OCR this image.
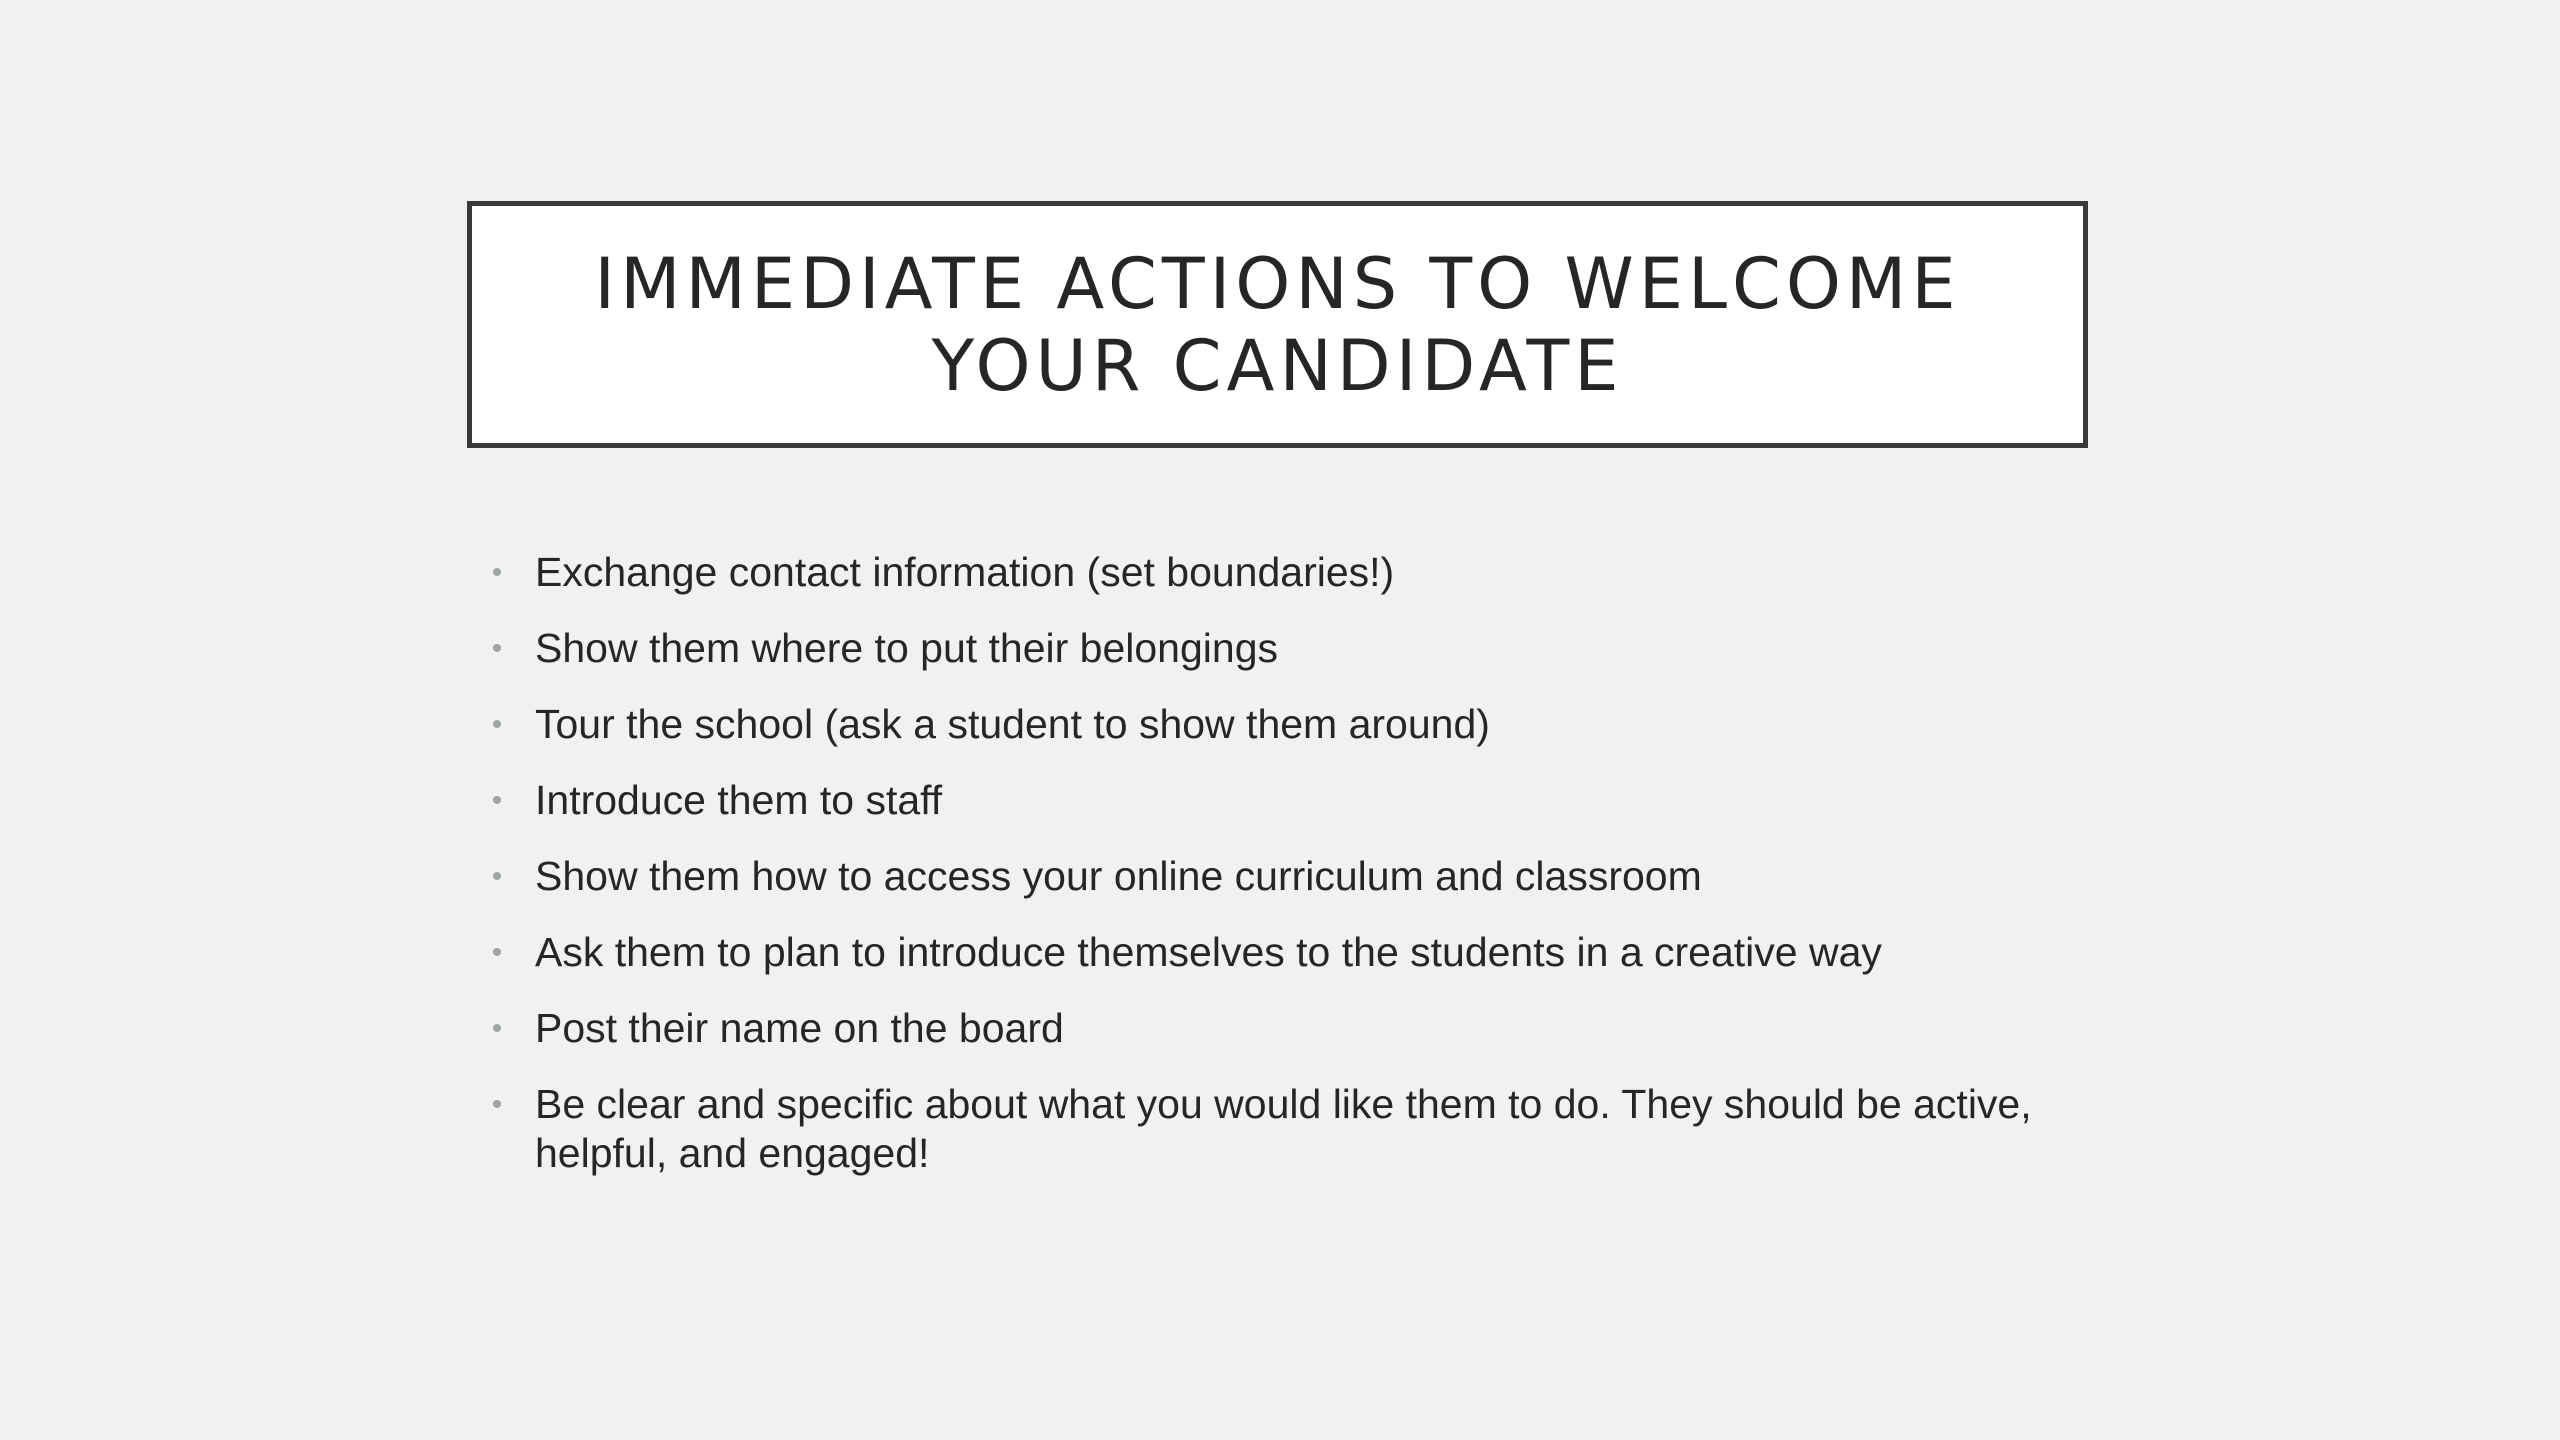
IMMEDIATE ACTIONS TO WELCOME
YOUR CANDIDATE
• Exchange contact information (set boundaries!)
• Show them where to put their belongings
• Tour the school (ask a student to show them around)
• Introduce them to staff
• Show them how to access your online curriculum and classroom
• Ask them to plan to introduce themselves to the students in a creative way
• Post their name on the board
• Be clear and specific about what you would like them to do. They should be active, helpful, and engaged!
